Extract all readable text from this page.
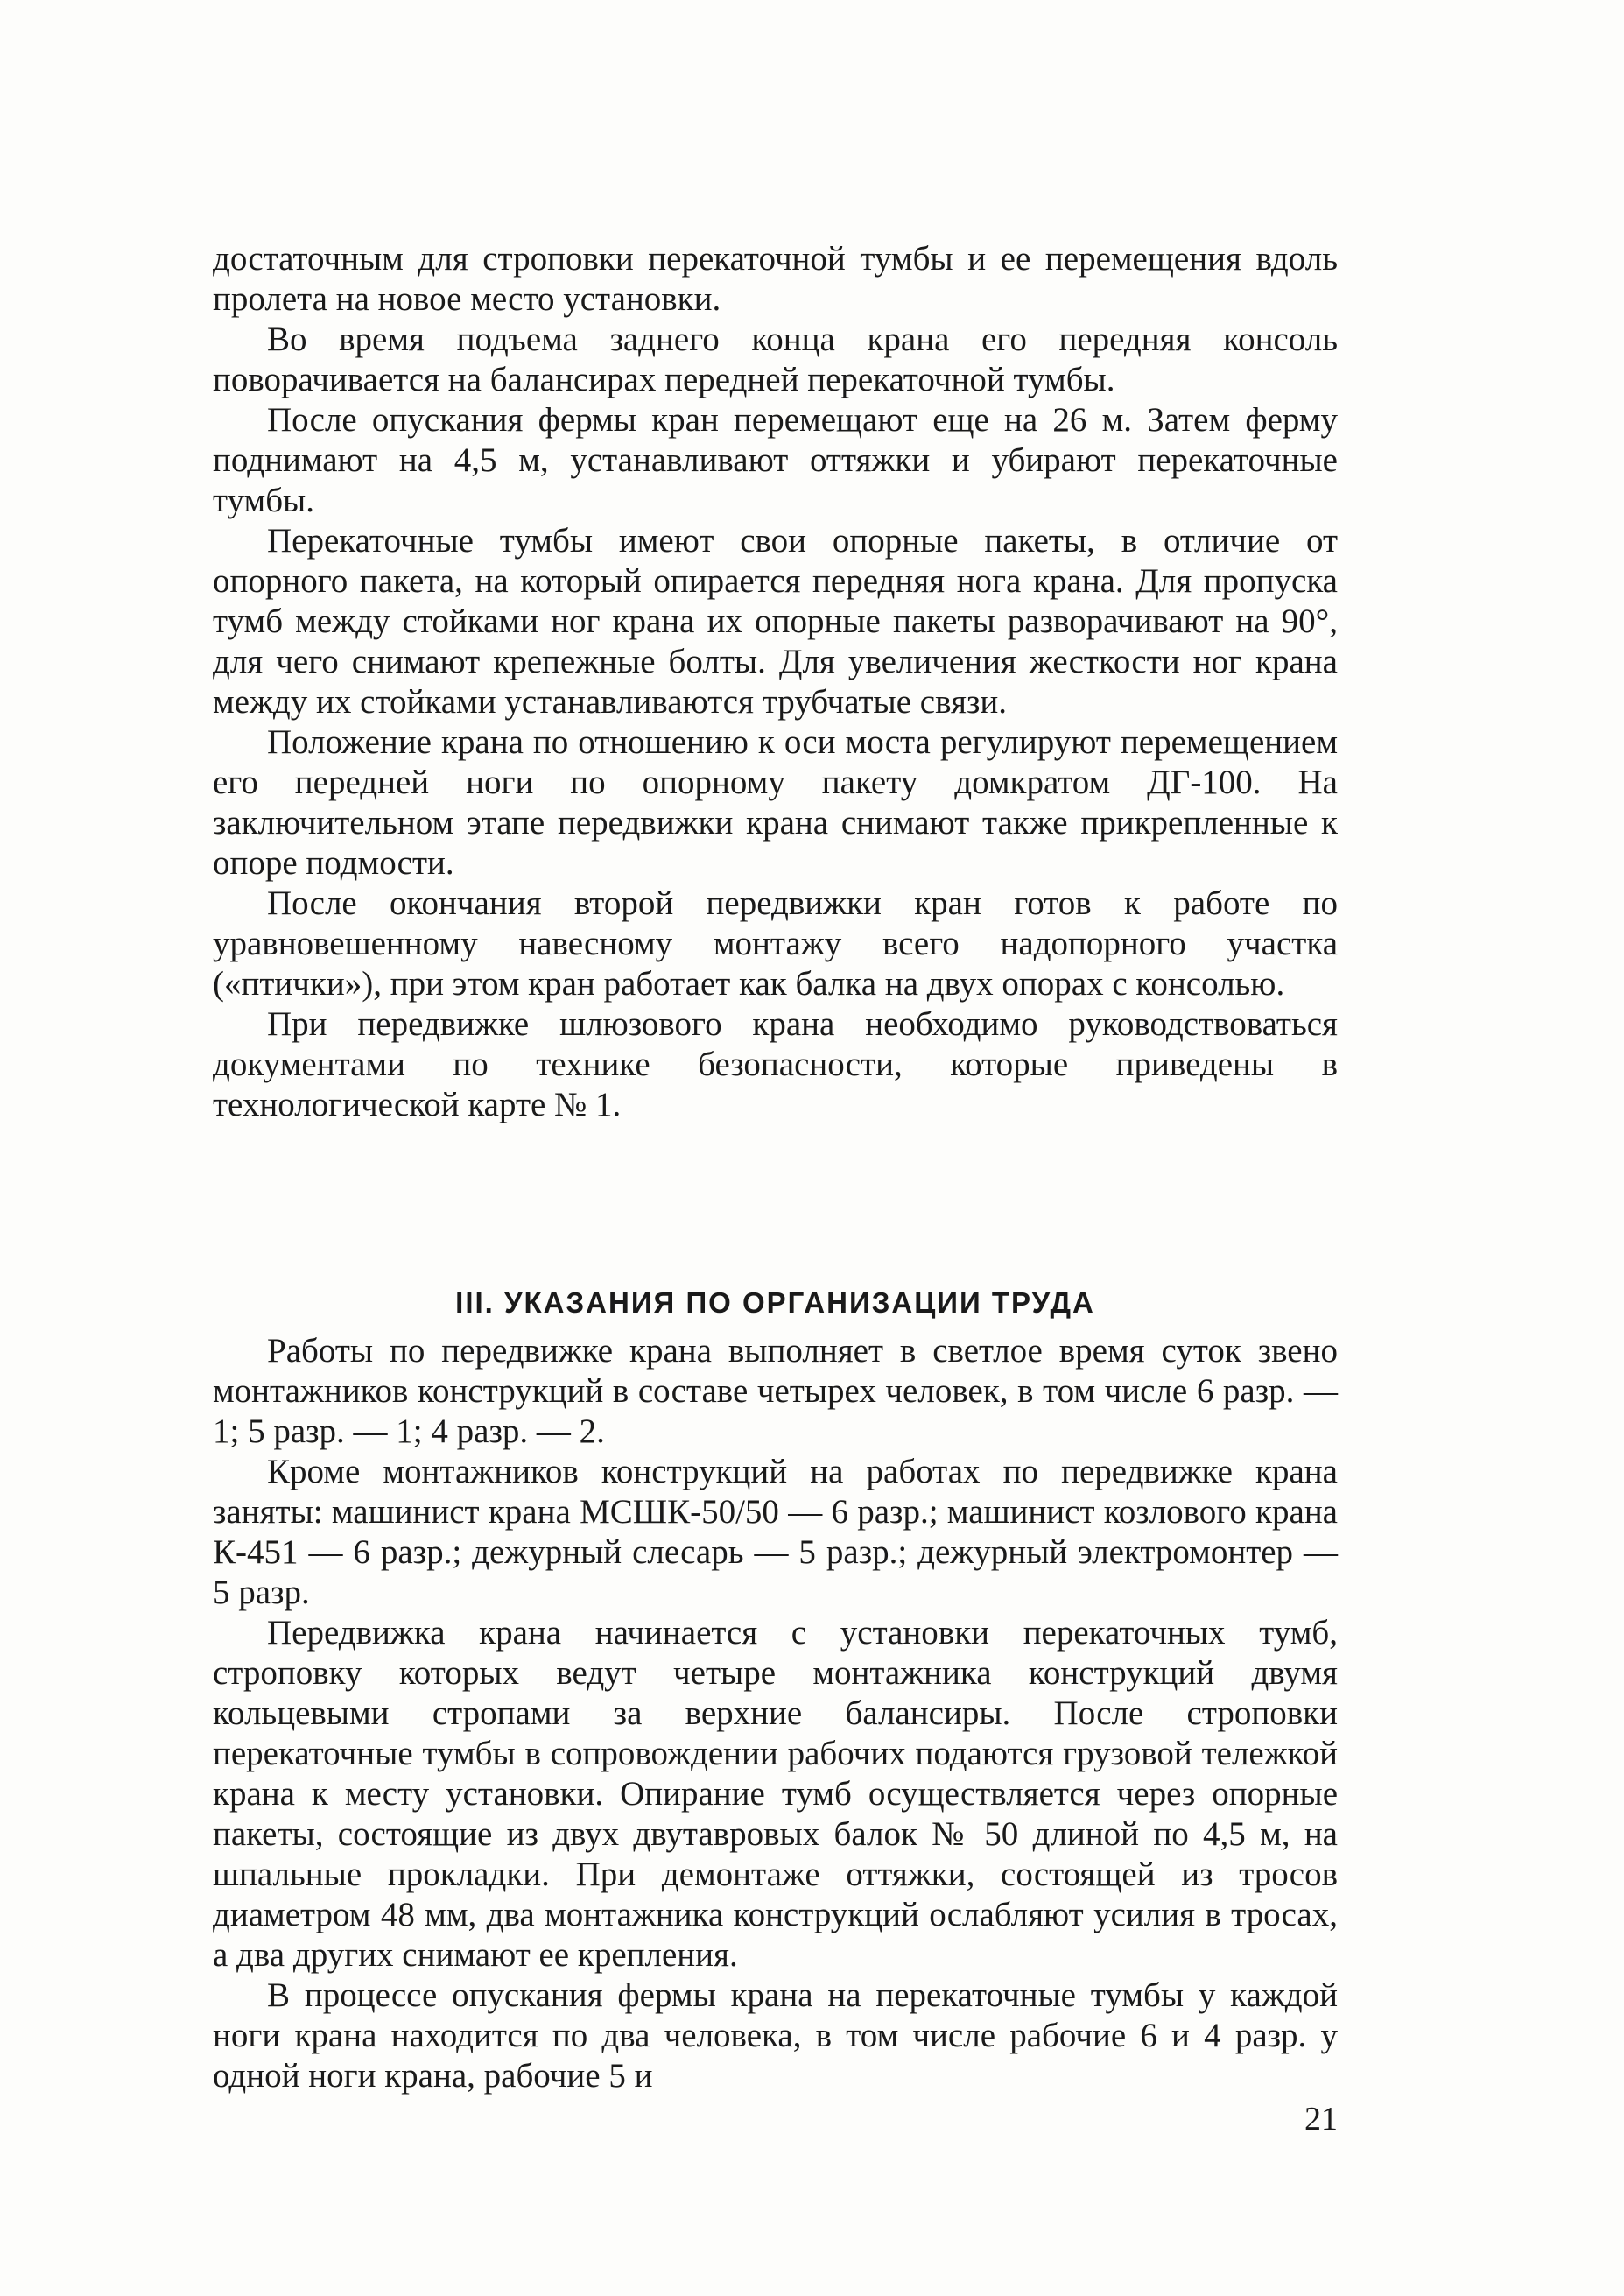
достаточным для строповки перекаточной тумбы и ее перемещения вдоль пролета на новое место установки.

Во время подъема заднего конца крана его передняя консоль поворачивается на балансирах передней перекаточной тумбы.

После опускания фермы кран перемещают еще на 26 м. Затем ферму поднимают на 4,5 м, устанавливают оттяжки и убирают перекаточные тумбы.

Перекаточные тумбы имеют свои опорные пакеты, в отличие от опорного пакета, на который опирается передняя нога крана. Для пропуска тумб между стойками ног крана их опорные пакеты разворачивают на 90°, для чего снимают крепежные болты. Для увеличения жесткости ног крана между их стойками устанавливаются трубчатые связи.

Положение крана по отношению к оси моста регулируют перемещением его передней ноги по опорному пакету домкратом ДГ-100. На заключительном этапе передвижки крана снимают также прикрепленные к опоре подмости.

После окончания второй передвижки кран готов к работе по уравновешенному навесному монтажу всего надопорного участка («птички»), при этом кран работает как балка на двух опорах с консолью.

При передвижке шлюзового крана необходимо руководствоваться документами по технике безопасности, которые приведены в технологической карте № 1.

III. УКАЗАНИЯ ПО ОРГАНИЗАЦИИ ТРУДА

Работы по передвижке крана выполняет в светлое время суток звено монтажников конструкций в составе четырех человек, в том числе 6 разр. — 1; 5 разр. — 1; 4 разр. — 2.

Кроме монтажников конструкций на работах по передвижке крана заняты: машинист крана МСШК-50/50 — 6 разр.; машинист козлового крана К-451 — 6 разр.; дежурный слесарь — 5 разр.; дежурный электромонтер — 5 разр.

Передвижка крана начинается с установки перекаточных тумб, строповку которых ведут четыре монтажника конструкций двумя кольцевыми стропами за верхние балансиры. После строповки перекаточные тумбы в сопровождении рабочих подаются грузовой тележкой крана к месту установки. Опирание тумб осуществляется через опорные пакеты, состоящие из двух двутавровых балок № 50 длиной по 4,5 м, на шпальные прокладки. При демонтаже оттяжки, состоящей из тросов диаметром 48 мм, два монтажника конструкций ослабляют усилия в тросах, а два других снимают ее крепления.

В процессе опускания фермы крана на перекаточные тумбы у каждой ноги крана находится по два человека, в том числе рабочие 6 и 4 разр. у одной ноги крана, рабочие 5 и

21
